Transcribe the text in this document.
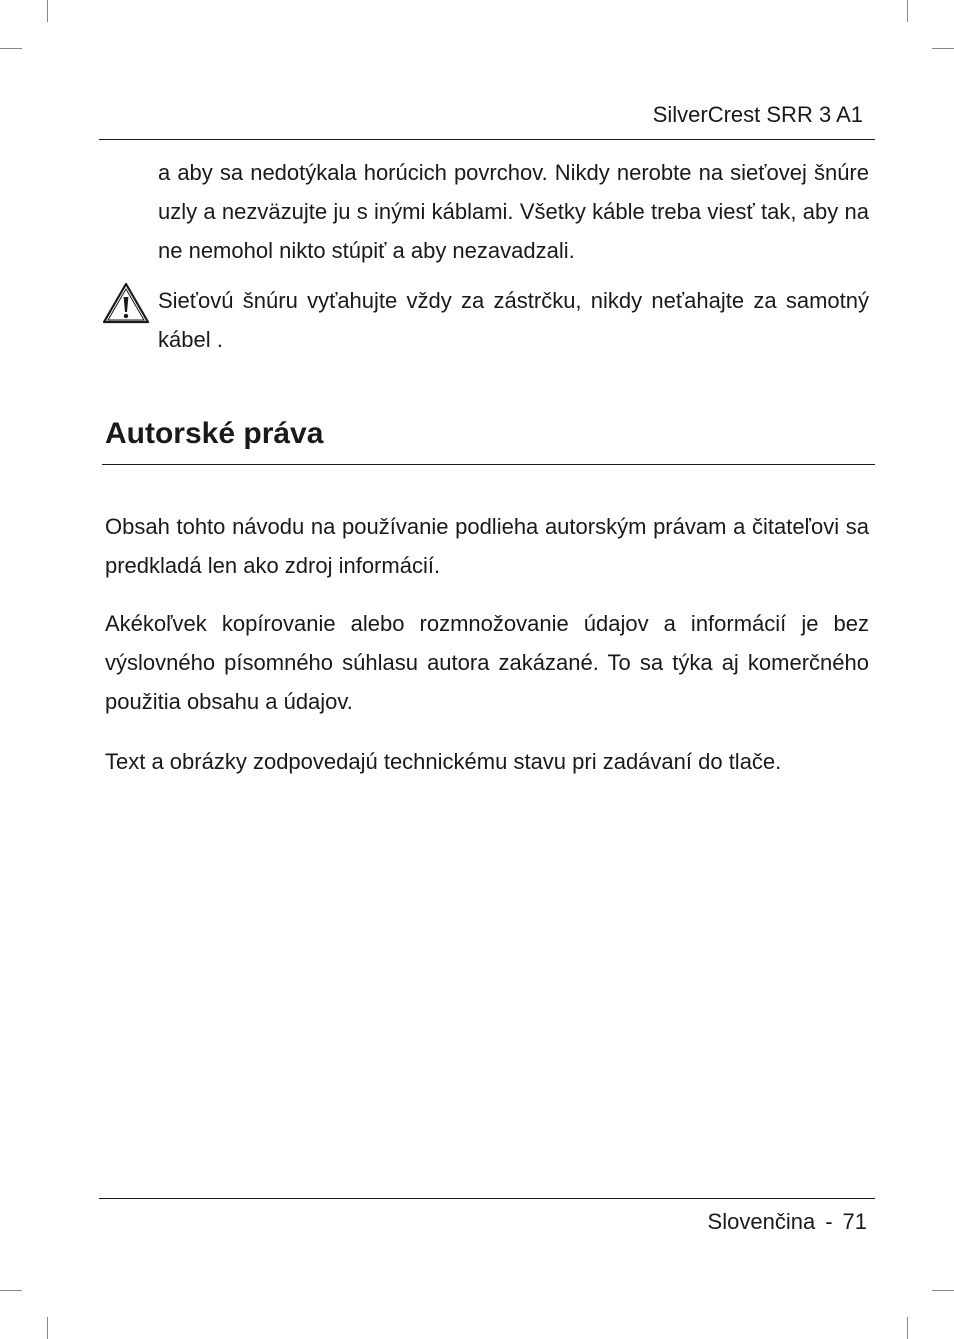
SilverCrest SRR 3 A1

a aby sa nedotýkala horúcich povrchov. Nikdy nerobte na sieťovej šnúre uzly a nezväzujte ju s inými káblami. Všetky káble treba viesť tak, aby na ne nemohol nikto stúpiť a aby nezavadzali.

Sieťovú šnúru vyťahujte vždy za zástrčku, nikdy neťahajte za samotný kábel .

Autorské práva

Obsah tohto návodu na používanie podlieha autorským právam a čitateľovi sa predkladá len ako zdroj informácií.

Akékoľvek kopírovanie alebo rozmnožovanie údajov a informácií je bez výslovného písomného súhlasu autora zakázané. To sa týka aj komerčného použitia obsahu a údajov.

Text a obrázky zodpovedajú technickému stavu pri zadávaní do tlače.

Slovenčina - 71
